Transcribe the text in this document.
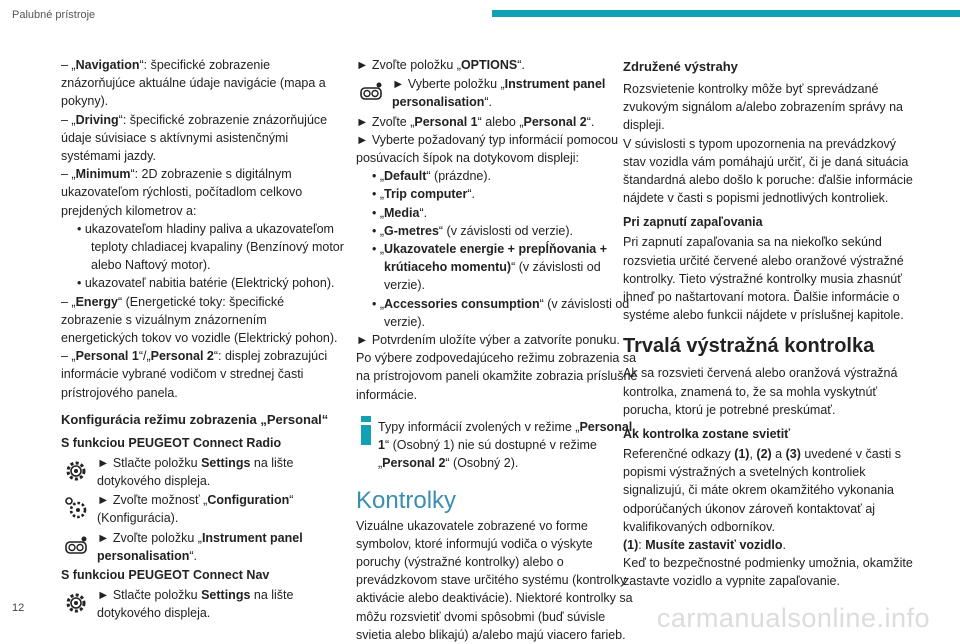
Palubné prístroje

– „Navigation“: špecifické zobrazenie znázorňujúce aktuálne údaje navigácie (mapa a pokyny).

– „Driving“: špecifické zobrazenie znázorňujúce údaje súvisiace s aktívnymi asistenčnými systémami jazdy.

– „Minimum“: 2D zobrazenie s digitálnym ukazovateľom rýchlosti, počítadlom celkovo prejdených kilometrov a:

• ukazovateľom hladiny paliva a ukazovateľom teploty chladiacej kvapaliny (Benzínový motor alebo Naftový motor).

• ukazovateľ nabitia batérie (Elektrický pohon).

– „Energy“ (Energetické toky: špecifické zobrazenie s vizuálnym znázornením energetických tokov vo vozidle (Elektrický pohon).

– „Personal 1“/„Personal 2“: displej zobrazujúci informácie vybrané vodičom v strednej časti prístrojového panela.

Konfigurácia režimu zobrazenia „Personal“
S funkciou PEUGEOT Connect Radio

► Stlačte položku Settings na lište dotykového displeja.

► Zvoľte možnosť „Configuration“ (Konfigurácia).

► Zvoľte položku „Instrument panel personalisation“.

S funkciou PEUGEOT Connect Nav

► Stlačte položku Settings na lište dotykového displeja.

► Zvoľte položku „OPTIONS“.

► Vyberte položku „Instrument panel personalisation“.

► Zvoľte „Personal 1“ alebo „Personal 2“.

► Vyberte požadovaný typ informácií pomocou posúvacích šípok na dotykovom displeji:

• „Default“ (prázdne).

• „Trip computer“.

• „Media“.

• „G-metres“ (v závislosti od verzie).

• „Ukazovatele energie + prepĺňovania + krútiaceho momentu)“ (v závislosti od verzie).

• „Accessories consumption“ (v závislosti od verzie).

► Potvrdením uložíte výber a zatvoríte ponuku.

Po výbere zodpovedajúceho režimu zobrazenia sa na prístrojovom paneli okamžite zobrazia príslušné informácie.

Typy informácií zvolených v režime „Personal 1“ (Osobný 1) nie sú dostupné v režime „Personal 2“ (Osobný 2).

Kontrolky

Vizuálne ukazovatele zobrazené vo forme symbolov, ktoré informujú vodiča o výskyte poruchy (výstražné kontrolky) alebo o prevádzkovom stave určitého systému (kontrolky aktivácie alebo deaktivácie). Niektoré kontrolky sa môžu rozsvietiť dvomi spôsobmi (buď súvisle svietia alebo blikajú) a/alebo majú viacero farieb.

Združené výstrahy

Rozsvietenie kontrolky môže byť sprevádzané zvukovým signálom a/alebo zobrazením správy na displeji.

V súvislosti s typom upozornenia na prevádzkový stav vozidla vám pomáhajú určiť, či je daná situácia štandardná alebo došlo k poruche: ďalšie informácie nájdete v časti s popismi jednotlivých kontroliek.

Pri zapnutí zapaľovania

Pri zapnutí zapaľovania sa na niekoľko sekúnd rozsvietia určité červené alebo oranžové výstražné kontrolky. Tieto výstražné kontrolky musia zhasnúť ihneď po naštartovaní motora. Ďalšie informácie o systéme alebo funkcii nájdete v príslušnej kapitole.

Trvalá výstražná kontrolka

Ak sa rozsvieti červená alebo oranžová výstražná kontrolka, znamená to, že sa mohla vyskytnúť porucha, ktorú je potrebné preskúmať.

Ak kontrolka zostane svietiť

Referenčné odkazy (1), (2) a (3) uvedené v časti s popismi výstražných a svetelných kontroliek signalizujú, či máte okrem okamžitého vykonania odporúčaných úkonov zároveň kontaktovať aj kvalifikovaných odborníkov.

(1): Musíte zastaviť vozidlo.

Keď to bezpečnostné podmienky umožnia, okamžite zastavte vozidlo a vypnite zapaľovanie.

12	carmanualsonline.info
